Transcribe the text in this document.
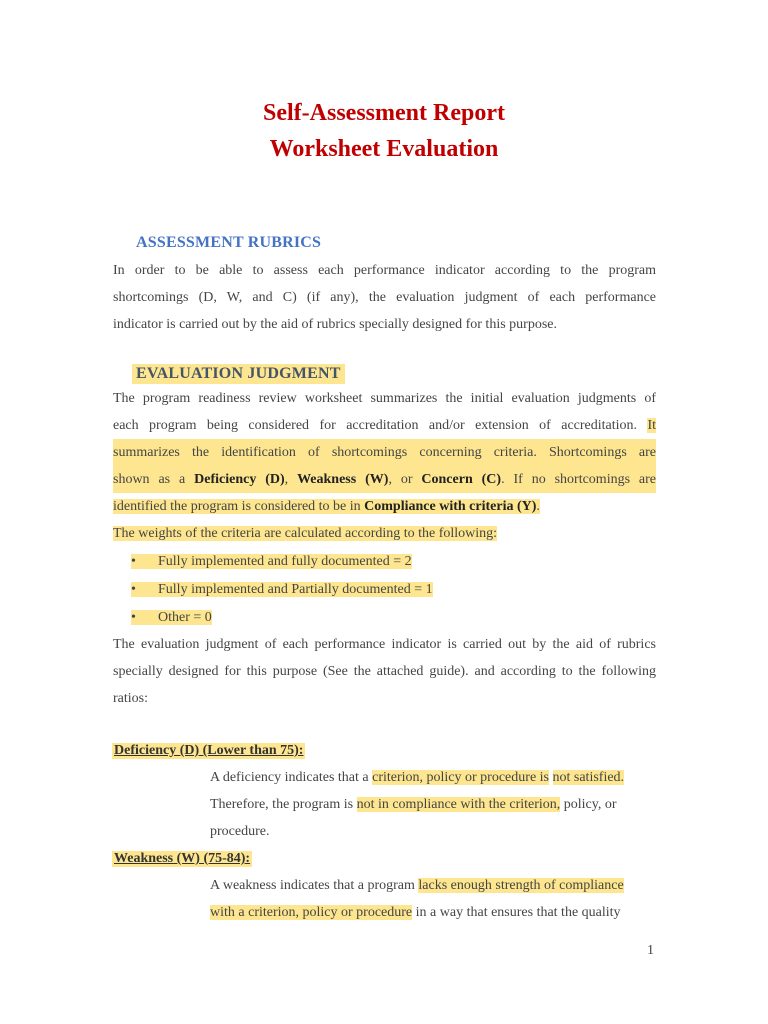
Self-Assessment Report
Worksheet Evaluation
ASSESSMENT RUBRICS
In order to be able to assess each performance indicator according to the program
shortcomings (D, W, and C) (if any), the evaluation judgment of each performance
indicator is carried out by the aid of rubrics specially designed for this purpose.
EVALUATION JUDGMENT
The program readiness review worksheet summarizes the initial evaluation judgments of
each program being considered for accreditation and/or extension of accreditation. It
summarizes the identification of shortcomings concerning criteria. Shortcomings are
shown as a Deficiency (D), Weakness (W), or Concern (C). If no shortcomings are
identified the program is considered to be in Compliance with criteria (Y).
The weights of the criteria are calculated according to the following:
• Fully implemented and fully documented = 2
• Fully implemented and Partially documented = 1
• Other = 0
The evaluation judgment of each performance indicator is carried out by the aid of rubrics
specially designed for this purpose (See the attached guide). and according to the following
ratios:
Deficiency (D) (Lower than 75):
A deficiency indicates that a criterion, policy or procedure is not satisfied.
Therefore, the program is not in compliance with the criterion, policy, or
procedure.
Weakness (W) (75-84):
A weakness indicates that a program lacks enough strength of compliance
with a criterion, policy or procedure in a way that ensures that the quality
1
